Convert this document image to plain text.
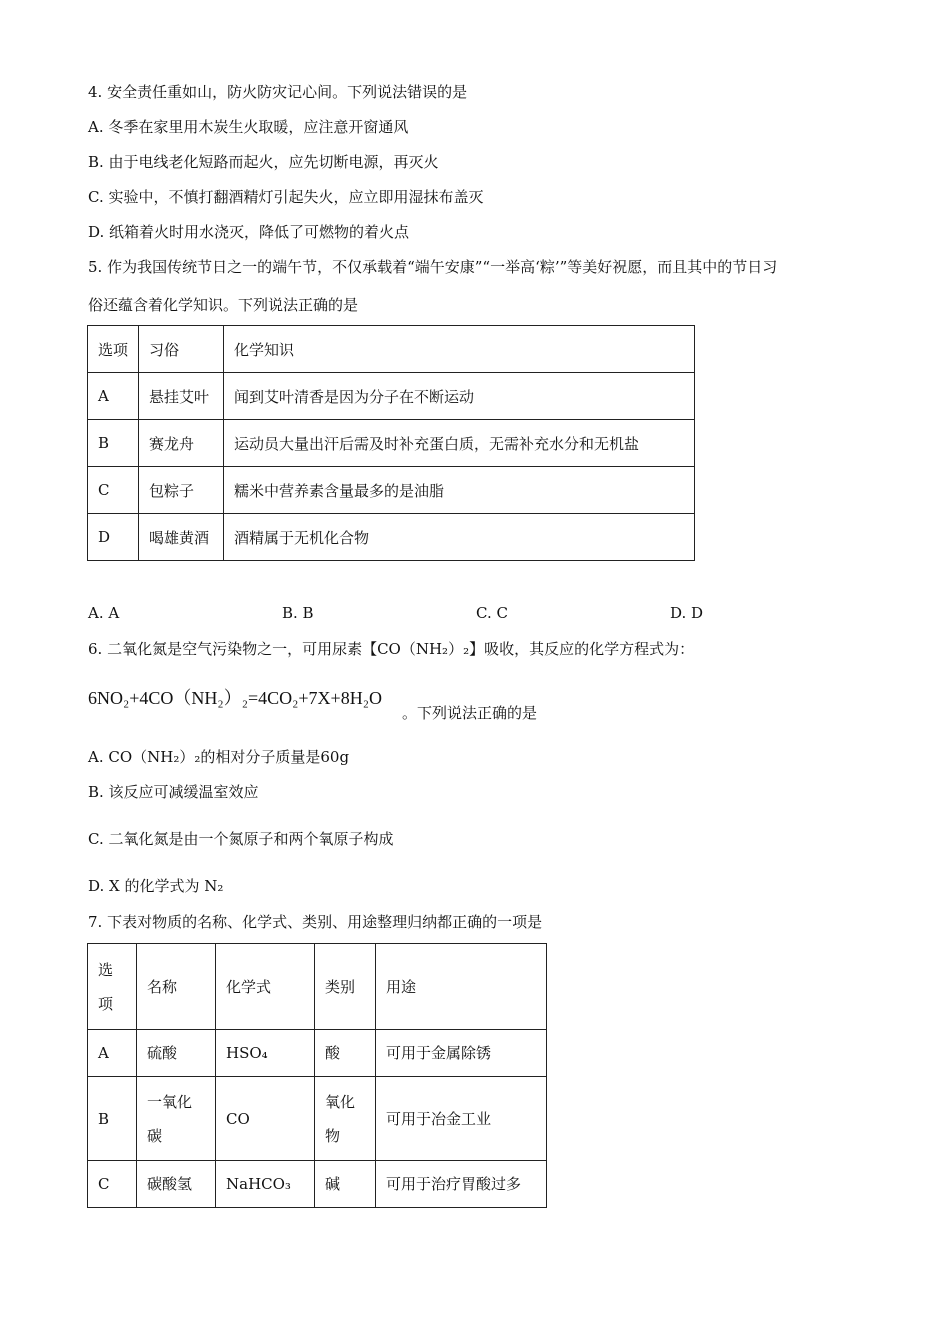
4. 安全责任重如山，防火防灾记心间。下列说法错误的是
A. 冬季在家里用木炭生火取暖，应注意开窗通风
B. 由于电线老化短路而起火，应先切断电源，再灭火
C. 实验中，不慎打翻酒精灯引起失火，应立即用湿抹布盖灭
D. 纸箱着火时用水浇灭，降低了可燃物的着火点
5. 作为我国传统节日之一的端午节，不仅承载着“端午安康”“一举高‘粽’”等美好祝愿，而且其中的节日习
俗还蕴含着化学知识。下列说法正确的是
选项	习俗	化学知识
A	悬挂艾叶	闻到艾叶清香是因为分子在不断运动
B	赛龙舟	运动员大量出汗后需及时补充蛋白质，无需补充水分和无机盐
C	包粽子	糯米中营养素含量最多的是油脂
D	喝雄黄酒	酒精属于无机化合物
A. A	B. B	C. C	D. D
6. 二氧化氮是空气污染物之一，可用尿素【CO（NH₂）₂】吸收，其反应的化学方程式为：
6NO₂+4CO（NH₂）₂=4CO₂+7X+8H₂O
。下列说法正确的是
A. CO（NH₂）₂的相对分子质量是60g
B. 该反应可减缓温室效应
C. 二氧化氮是由一个氮原子和两个氧原子构成
D. X 的化学式为 N₂
7. 下表对物质的名称、化学式、类别、用途整理归纳都正确的一项是
选项	名称	化学式	类别	用途
A	硫酸	HSO₄	酸	可用于金属除锈
B	一氧化碳	CO	氧化物	可用于冶金工业
C	碳酸氢	NaHCO₃	碱	可用于治疗胃酸过多
